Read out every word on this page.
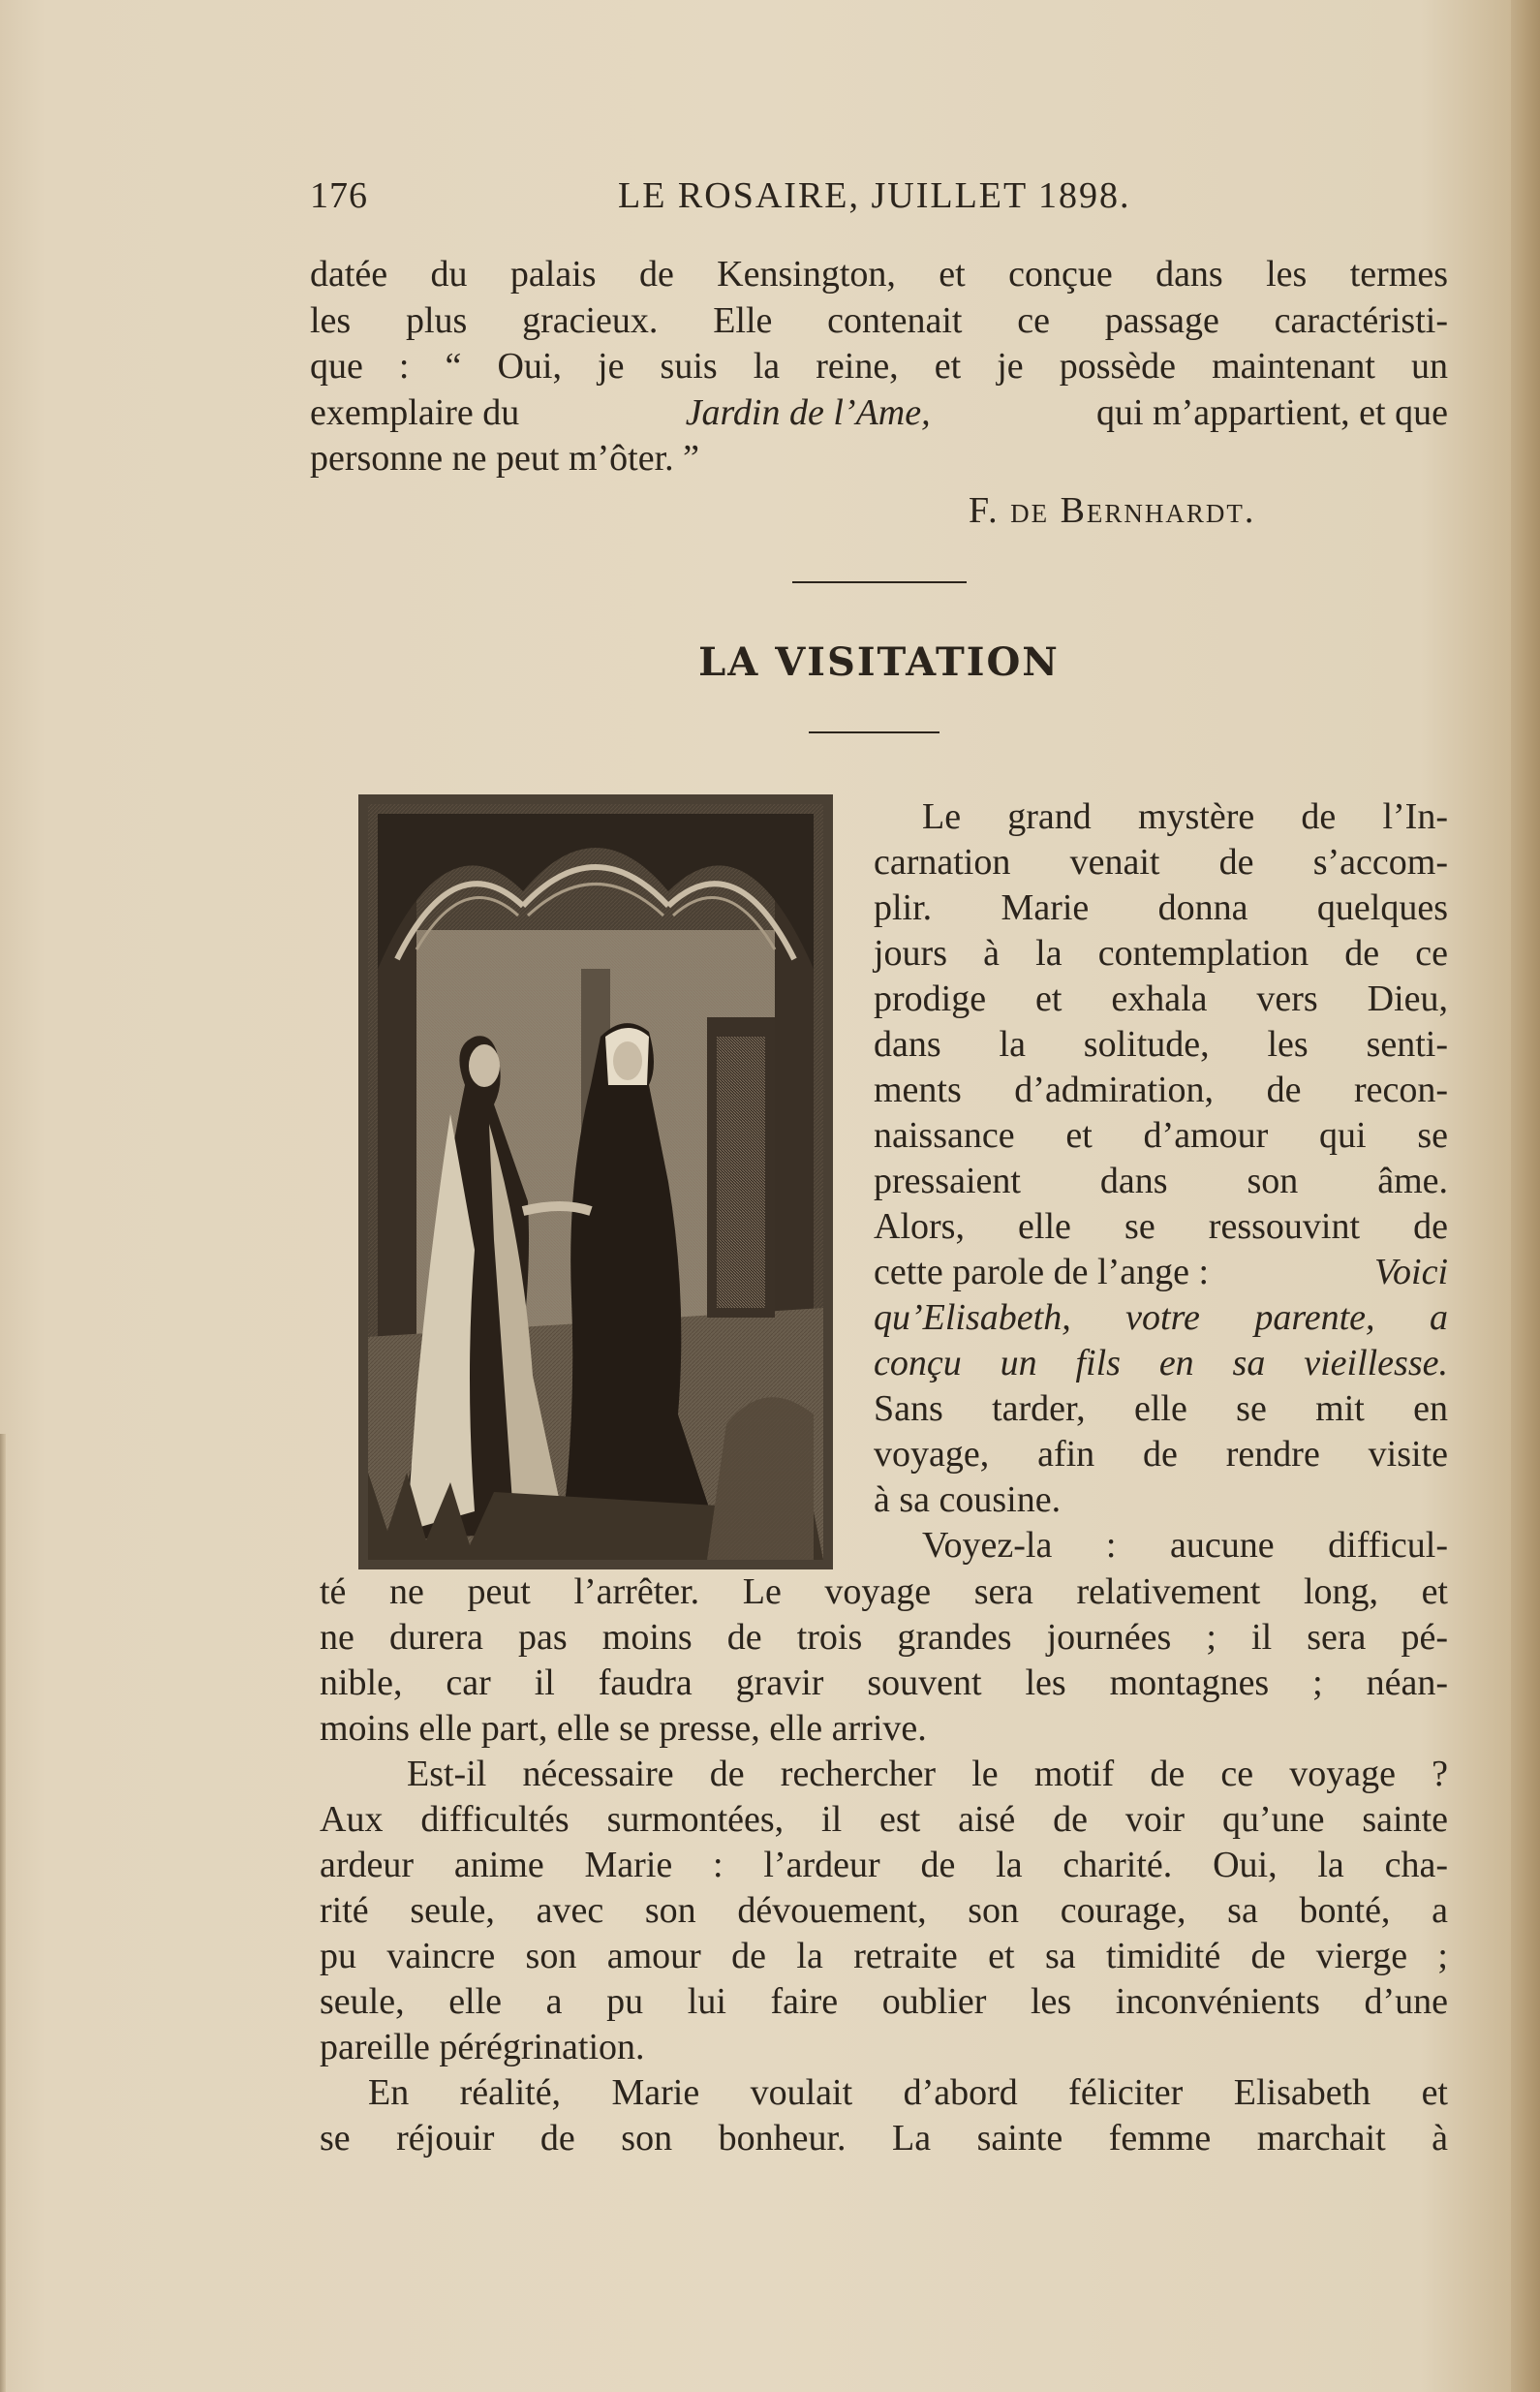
176	LE ROSAIRE, JUILLET 1898.
datée du palais de Kensington, et conçue dans les termes
les plus gracieux. Elle contenait ce passage caractéristi-
que : “ Oui, je suis la reine, et je possède maintenant un
exemplaire du	Jardin de l’Ame,	qui m’appartient, et que
personne ne peut m’ôter. ”
F. de Bernhardt.
LA VISITATION
Le grand mystère de l’In-
carnation venait de s’accom-
plir. Marie donna quelques
jours à la contemplation de ce
prodige et exhala vers Dieu,
dans la solitude, les senti-
ments d’admiration, de recon-
naissance et d’amour qui se
pressaient dans son âme.
Alors, elle se ressouvint de
cette parole de l’ange :	Voici
qu’Elisabeth, votre parente, a
conçu un fils en sa vieillesse.
Sans tarder, elle se mit en
voyage, afin de rendre visite
à sa cousine.
Voyez-la : aucune difficul-
té ne peut l’arrêter. Le voyage sera relativement long, et
ne durera pas moins de trois grandes journées ; il sera pé-
nible, car il faudra gravir souvent les montagnes ; néan-
moins elle part, elle se presse, elle arrive.
Est-il nécessaire de rechercher le motif de ce voyage ?
Aux difficultés surmontées, il est aisé de voir qu’une sainte
ardeur anime Marie : l’ardeur de la charité. Oui, la cha-
rité seule, avec son dévouement, son courage, sa bonté, a
pu vaincre son amour de la retraite et sa timidité de vierge ;
seule, elle a pu lui faire oublier les inconvénients d’une
pareille pérégrination.
En réalité, Marie voulait d’abord féliciter Elisabeth et
se réjouir de son bonheur. La sainte femme marchait à
